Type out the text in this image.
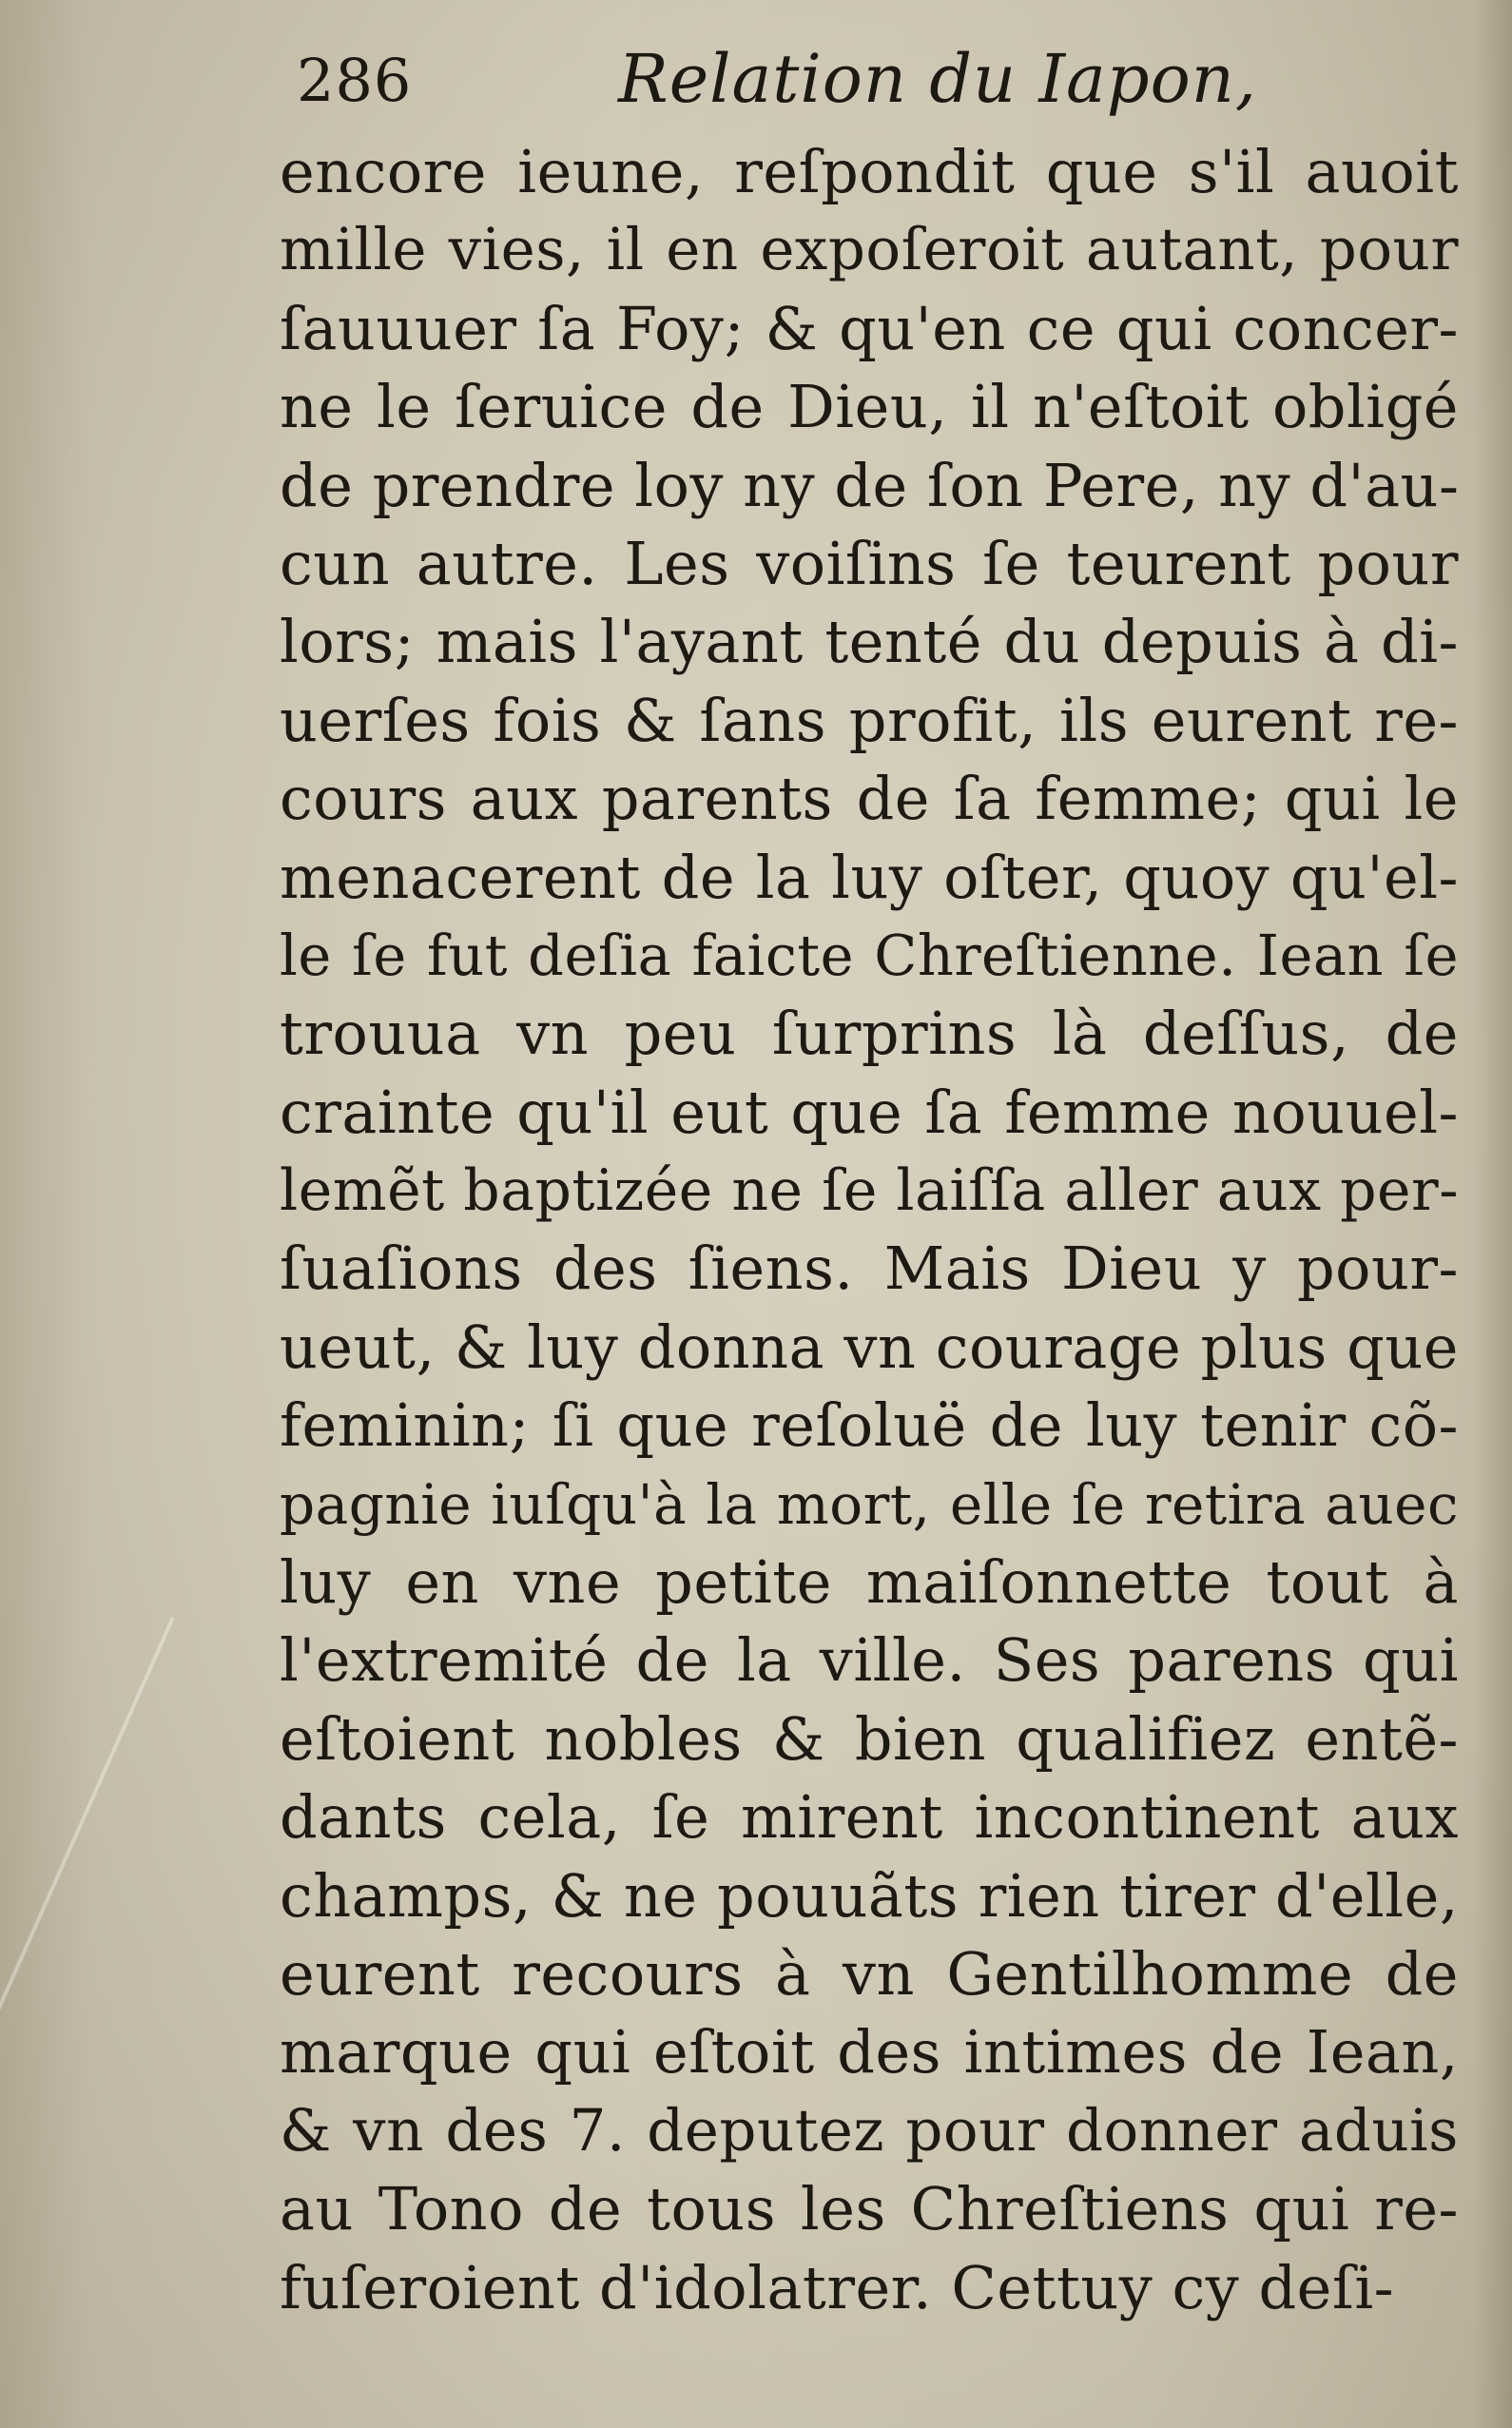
286	Relation du Iapon,
encore ieune, reſpondit que s'il auoit
mille vies, il en expoſeroit autant, pour
ſauuuer ſa Foy; & qu'en ce qui concer-
ne le ſeruice de Dieu, il n'eſtoit obligé
de prendre loy ny de ſon Pere, ny d'au-
cun autre. Les voiſins ſe teurent pour
lors; mais l'ayant tenté du depuis à di-
uerſes fois & ſans profit, ils eurent re-
cours aux parents de ſa femme; qui le
menacerent de la luy oſter, quoy qu'el-
le ſe fut deſia faicte Chreſtienne. Iean ſe
trouua vn peu ſurprins là deſſus, de
crainte qu'il eut que ſa femme nouuel-
lemẽt baptizée ne ſe laiſſa aller aux per-
ſuaſions des ſiens. Mais Dieu y pour-
ueut, & luy donna vn courage plus que
feminin; ſi que reſoluë de luy tenir cõ-
pagnie iuſqu'à la mort, elle ſe retira auec
luy en vne petite maiſonnette tout à
l'extremité de la ville. Ses parens qui
eſtoient nobles & bien qualifiez entẽ-
dants cela, ſe mirent incontinent aux
champs, & ne pouuãts rien tirer d'elle,
eurent recours à vn Gentilhomme de
marque qui eſtoit des intimes de Iean,
& vn des 7. deputez pour donner aduis
au Tono de tous les Chreſtiens qui re-
fuſeroient d'idolatrer. Cettuy cy deſi-
